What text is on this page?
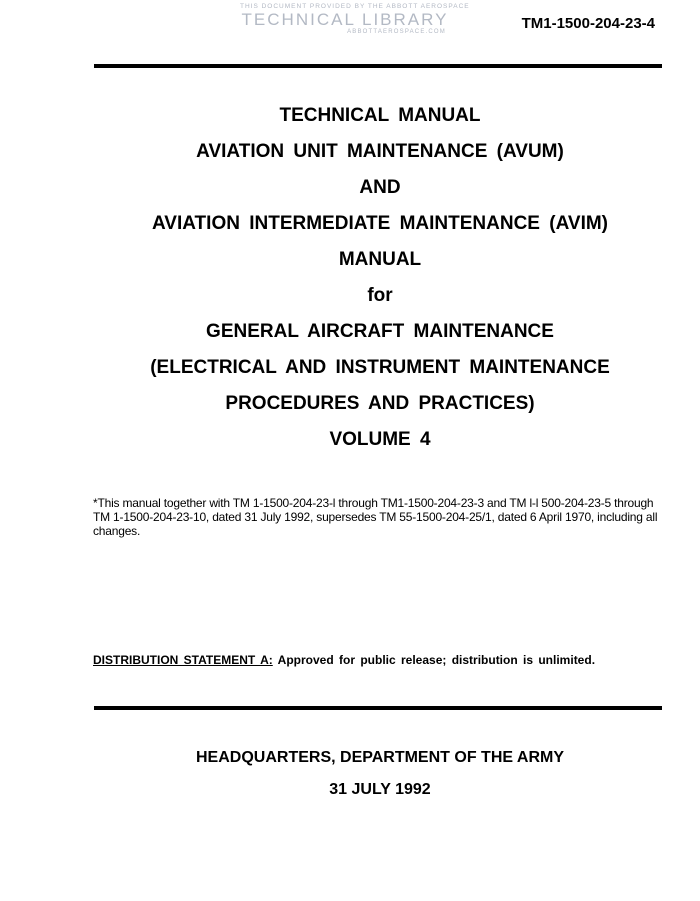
THIS DOCUMENT PROVIDED BY THE ABBOTT AEROSPACE
TECHNICAL LIBRARY
ABBOTTAEROSPACE.COM	TM1-1500-204-23-4
TECHNICAL MANUAL
AVIATION UNIT MAINTENANCE (AVUM)
AND
AVIATION INTERMEDIATE MAINTENANCE (AVIM)
MANUAL
for
GENERAL AIRCRAFT MAINTENANCE
(ELECTRICAL AND INSTRUMENT MAINTENANCE
PROCEDURES AND PRACTICES)
VOLUME 4
*This manual together with TM 1-1500-204-23-l through TM1-1500-204-23-3 and TM l-l 500-204-23-5 through TM 1-1500-204-23-10, dated 31 July 1992, supersedes TM 55-1500-204-25/1, dated 6 April 1970, including all changes.
DISTRIBUTION STATEMENT A: Approved for public release; distribution is unlimited.
HEADQUARTERS, DEPARTMENT OF THE ARMY
31 JULY 1992
